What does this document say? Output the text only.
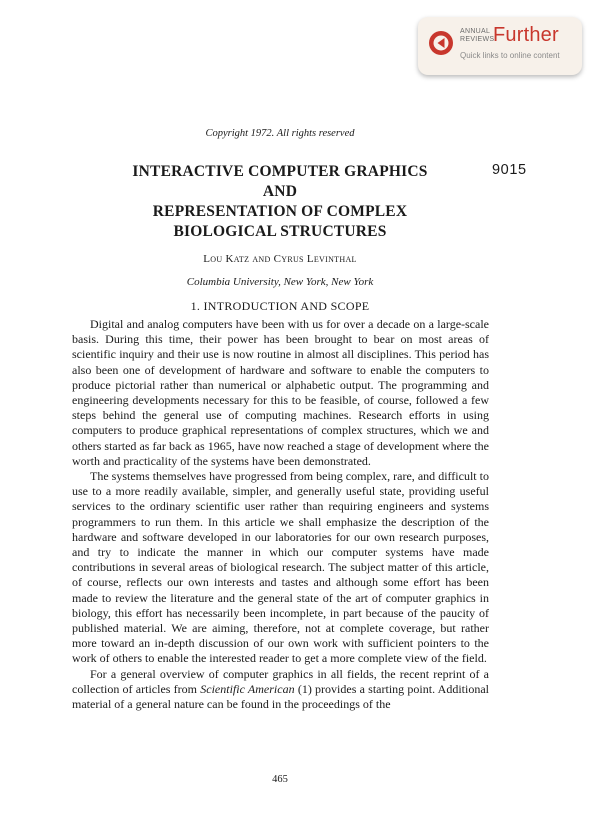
ANNUAL
REVIEWS
Further
Quick links to online content
Copyright 1972. All rights reserved
INTERACTIVE COMPUTER GRAPHICS
AND
REPRESENTATION OF COMPLEX
BIOLOGICAL STRUCTURES
9015
Lou Katz and Cyrus Levinthal
Columbia University, New York, New York
1. INTRODUCTION AND SCOPE

Digital and analog computers have been with us for over a decade on a large-scale basis. During this time, their power has been brought to bear on most areas of scientific inquiry and their use is now routine in almost all disciplines. This period has also been one of development of hardware and software to enable the computers to produce pictorial rather than numerical or alphabetic output. The programming and engineering developments necessary for this to be feasible, of course, followed a few steps behind the general use of computing machines. Research efforts in using computers to produce graphical representations of complex structures, which we and others started as far back as 1965, have now reached a stage of development where the worth and practicality of the systems have been demonstrated.

The systems themselves have progressed from being complex, rare, and difficult to use to a more readily available, simpler, and generally useful state, providing useful services to the ordinary scientific user rather than requiring engineers and systems programmers to run them. In this article we shall emphasize the description of the hardware and software developed in our laboratories for our own research purposes, and try to indicate the manner in which our computer systems have made contributions in several areas of biological research. The subject matter of this article, of course, reflects our own interests and tastes and although some effort has been made to review the literature and the general state of the art of computer graphics in biology, this effort has necessarily been incomplete, in part because of the paucity of published material. We are aiming, therefore, not at complete coverage, but rather more toward an in-depth discussion of our own work with sufficient pointers to the work of others to enable the interested reader to get a more complete view of the field.

For a general overview of computer graphics in all fields, the recent reprint of a collection of articles from Scientific American (1) provides a starting point. Additional material of a general nature can be found in the proceedings of the

465
